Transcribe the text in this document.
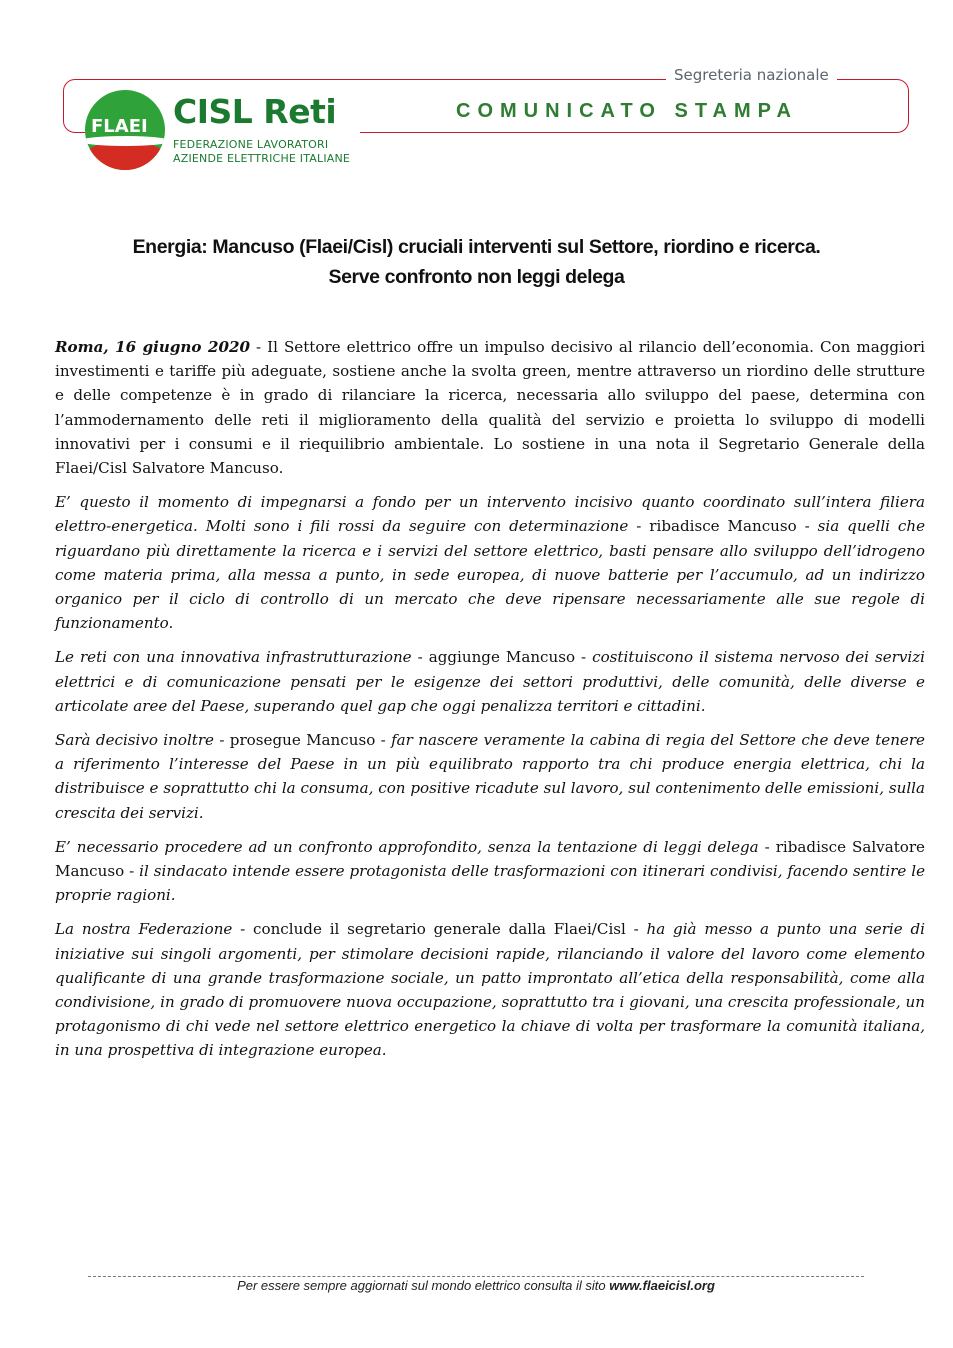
Segreteria nazionale
COMUNICATO STAMPA
FLAEI CISL Reti
FEDERAZIONE LAVORATORI
AZIENDE ELETTRICHE ITALIANE
Energia: Mancuso (Flaei/Cisl) cruciali interventi sul Settore, riordino e ricerca.
Serve confronto non leggi delega

Roma, 16 giugno 2020 - Il Settore elettrico offre un impulso decisivo al rilancio dell’economia. Con maggiori investimenti e tariffe più adeguate, sostiene anche la svolta green, mentre attraverso un riordino delle strutture e delle competenze è in grado di rilanciare la ricerca, necessaria allo sviluppo del paese, determina con l’ammodernamento delle reti il miglioramento della qualità del servizio e proietta lo sviluppo di modelli innovativi per i consumi e il riequilibrio ambientale. Lo sostiene in una nota il Segretario Generale della Flaei/Cisl Salvatore Mancuso.

E’ questo il momento di impegnarsi a fondo per un intervento incisivo quanto coordinato sull’intera filiera elettro-energetica. Molti sono i fili rossi da seguire con determinazione - ribadisce Mancuso - sia quelli che riguardano più direttamente la ricerca e i servizi del settore elettrico, basti pensare allo sviluppo dell’idrogeno come materia prima, alla messa a punto, in sede europea, di nuove batterie per l’accumulo, ad un indirizzo organico per il ciclo di controllo di un mercato che deve ripensare necessariamente alle sue regole di funzionamento.

Le reti con una innovativa infrastrutturazione - aggiunge Mancuso - costituiscono il sistema nervoso dei servizi elettrici e di comunicazione pensati per le esigenze dei settori produttivi, delle comunità, delle diverse e articolate aree del Paese, superando quel gap che oggi penalizza territori e cittadini.

Sarà decisivo inoltre - prosegue Mancuso - far nascere veramente la cabina di regia del Settore che deve tenere a riferimento l’interesse del Paese in un più equilibrato rapporto tra chi produce energia elettrica, chi la distribuisce e soprattutto chi la consuma, con positive ricadute sul lavoro, sul contenimento delle emissioni, sulla crescita dei servizi.

E’ necessario procedere ad un confronto approfondito, senza la tentazione di leggi delega - ribadisce Salvatore Mancuso - il sindacato intende essere protagonista delle trasformazioni con itinerari condivisi, facendo sentire le proprie ragioni.

La nostra Federazione - conclude il segretario generale dalla Flaei/Cisl - ha già messo a punto una serie di iniziative sui singoli argomenti, per stimolare decisioni rapide, rilanciando il valore del lavoro come elemento qualificante di una grande trasformazione sociale, un patto improntato all’etica della responsabilità, come alla condivisione, in grado di promuovere nuova occupazione, soprattutto tra i giovani, una crescita professionale, un protagonismo di chi vede nel settore elettrico energetico la chiave di volta per trasformare la comunità italiana, in una prospettiva di integrazione europea.

Per essere sempre aggiornati sul mondo elettrico consulta il sito www.flaeicisl.org
